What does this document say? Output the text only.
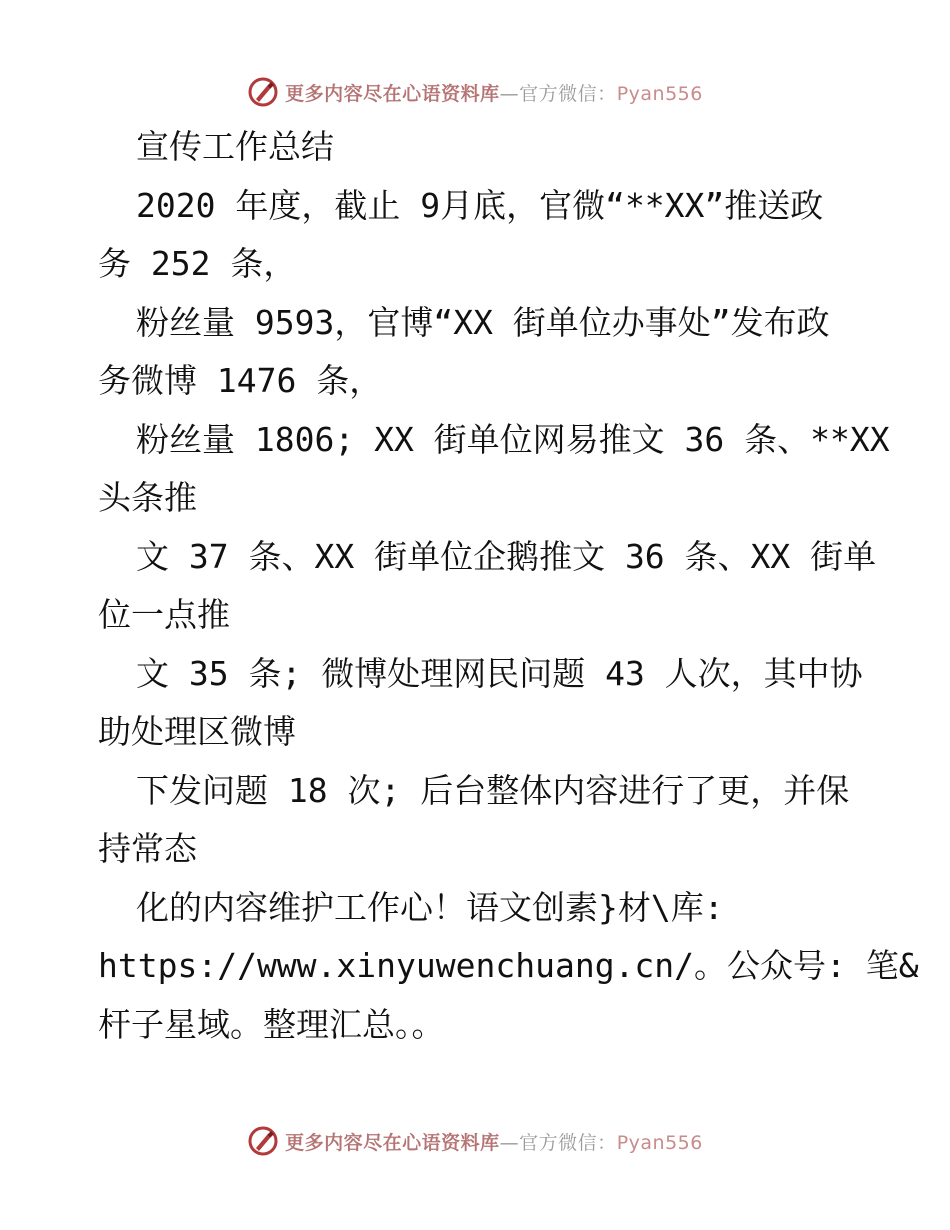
更多内容尽在心语资料库—官方微信：Pyan556
宣传工作总结
2020 年度，截止 9月底，官微“**XX”推送政
务 252 条，
粉丝量 9593，官博“XX 街单位办事处”发布政
务微博 1476 条，
粉丝量 1806; XX 街单位网易推文 36 条、**XX
头条推
文 37 条、XX 街单位企鹅推文 36 条、XX 街单
位一点推
文 35 条; 微博处理网民问题 43 人次，其中协
助处理区微博
下发问题 18 次; 后台整体内容进行了更，并保
持常态
化的内容维护工作心！语文创素}材\库:
https://www.xinyuwenchuang.cn/。公众号: 笔&
杆子星域。整理汇总。。
更多内容尽在心语资料库—官方微信：Pyan556
